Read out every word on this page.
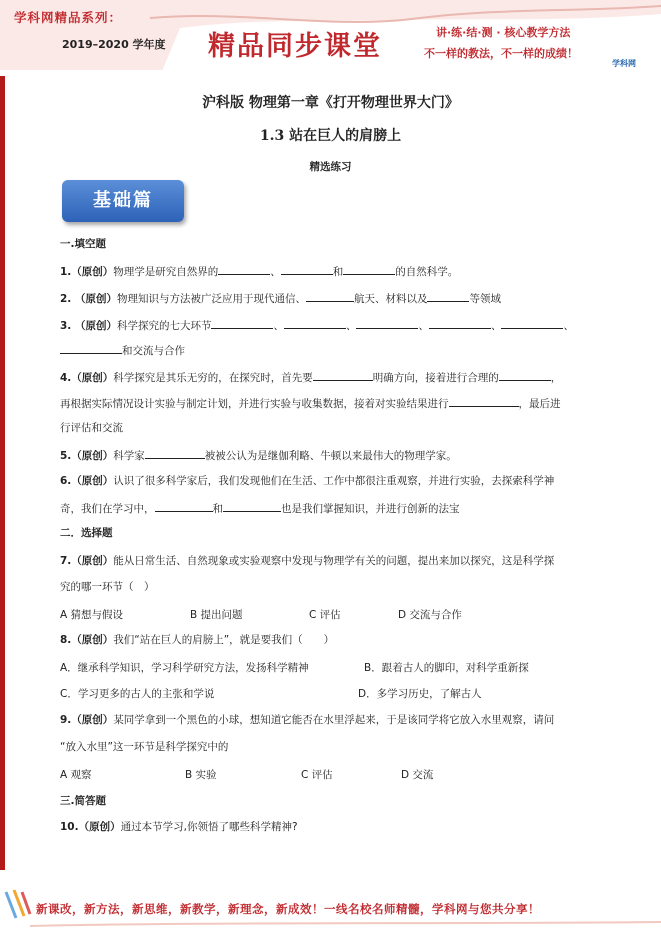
学科网精品系列：
2019–2020 学年度 精品同步课堂	讲·练·结·测 · 核心教学方法
不一样的教法，不一样的成绩！
学科网
沪科版 物理第一章《打开物理世界大门》
1.3 站在巨人的肩膀上
精选练习
基础篇
一.填空题
1.（原创）物理学是研究自然界的	、	和	的自然科学。
2. （原创）物理知识与方法被广泛应用于现代通信、	航天、材料以及	等领域
3. （原创）科学探究的七大环节	、	、	、	、	、
和交流与合作
4.（原创）科学探究是其乐无穷的，在探究时，首先要	明确方向，接着进行合理的	，
再根据实际情况设计实验与制定计划，并进行实验与收集数据，接着对实验结果进行	，最后进
行评估和交流
5.（原创）科学家	被被公认为是继伽利略、牛顿以来最伟大的物理学家。
6.（原创）认识了很多科学家后，我们发现他们在生活、工作中都很注重观察，并进行实验，去探索科学神
奇，我们在学习中，	和	也是我们掌握知识，并进行创新的法宝
二．选择题
7.（原创）能从日常生活、自然现象或实验观察中发现与物理学有关的问题，提出来加以探究，这是科学探
究的哪一环节（　）
A 猜想与假设	B 提出问题	C 评估	D 交流与合作
8.（原创）我们“站在巨人的肩膀上”，就是要我们（　　）
A．继承科学知识，学习科学研究方法，发扬科学精神	B．跟着古人的脚印，对科学重新探
C．学习更多的古人的主张和学说	D．多学习历史，了解古人
9.（原创）某同学拿到一个黑色的小球，想知道它能否在水里浮起来，于是该同学将它放入水里观察，请问
“放入水里”这一环节是科学探究中的
A 观察	B 实验	C 评估	D 交流
三.简答题
10.（原创）通过本节学习,你领悟了哪些科学精神?
新课改，新方法，新思维，新教学，新理念，新成效！一线名校名师精髓，学科网与您共分享！
